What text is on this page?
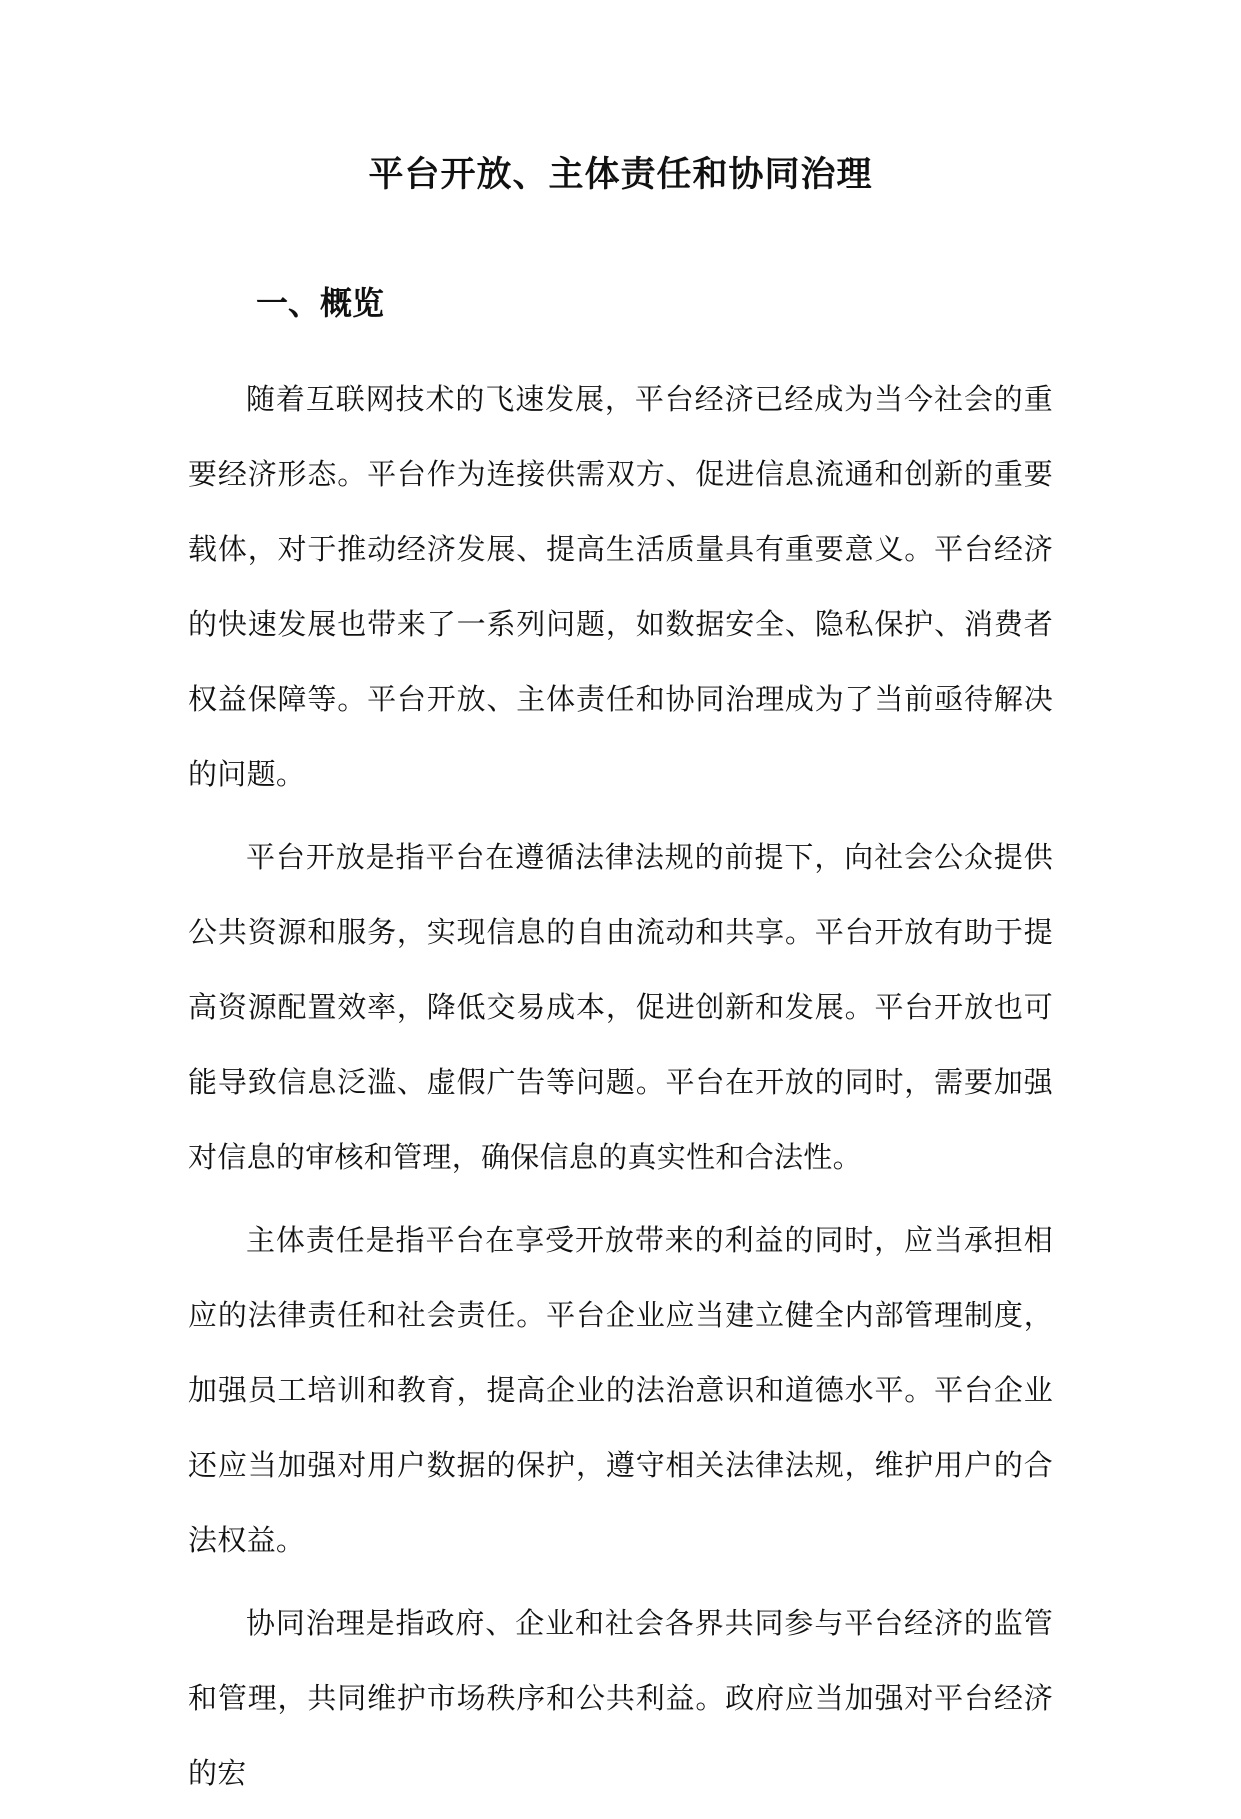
平台开放、主体责任和协同治理
一、概览

随着互联网技术的飞速发展，平台经济已经成为当今社会的重要经济形态。平台作为连接供需双方、促进信息流通和创新的重要载体，对于推动经济发展、提高生活质量具有重要意义。平台经济的快速发展也带来了一系列问题，如数据安全、隐私保护、消费者权益保障等。平台开放、主体责任和协同治理成为了当前亟待解决的问题。

平台开放是指平台在遵循法律法规的前提下，向社会公众提供公共资源和服务，实现信息的自由流动和共享。平台开放有助于提高资源配置效率，降低交易成本，促进创新和发展。平台开放也可能导致信息泛滥、虚假广告等问题。平台在开放的同时，需要加强对信息的审核和管理，确保信息的真实性和合法性。

主体责任是指平台在享受开放带来的利益的同时，应当承担相应的法律责任和社会责任。平台企业应当建立健全内部管理制度，加强员工培训和教育，提高企业的法治意识和道德水平。平台企业还应当加强对用户数据的保护，遵守相关法律法规，维护用户的合法权益。

协同治理是指政府、企业和社会各界共同参与平台经济的监管和管理，共同维护市场秩序和公共利益。政府应当加强对平台经济的宏
